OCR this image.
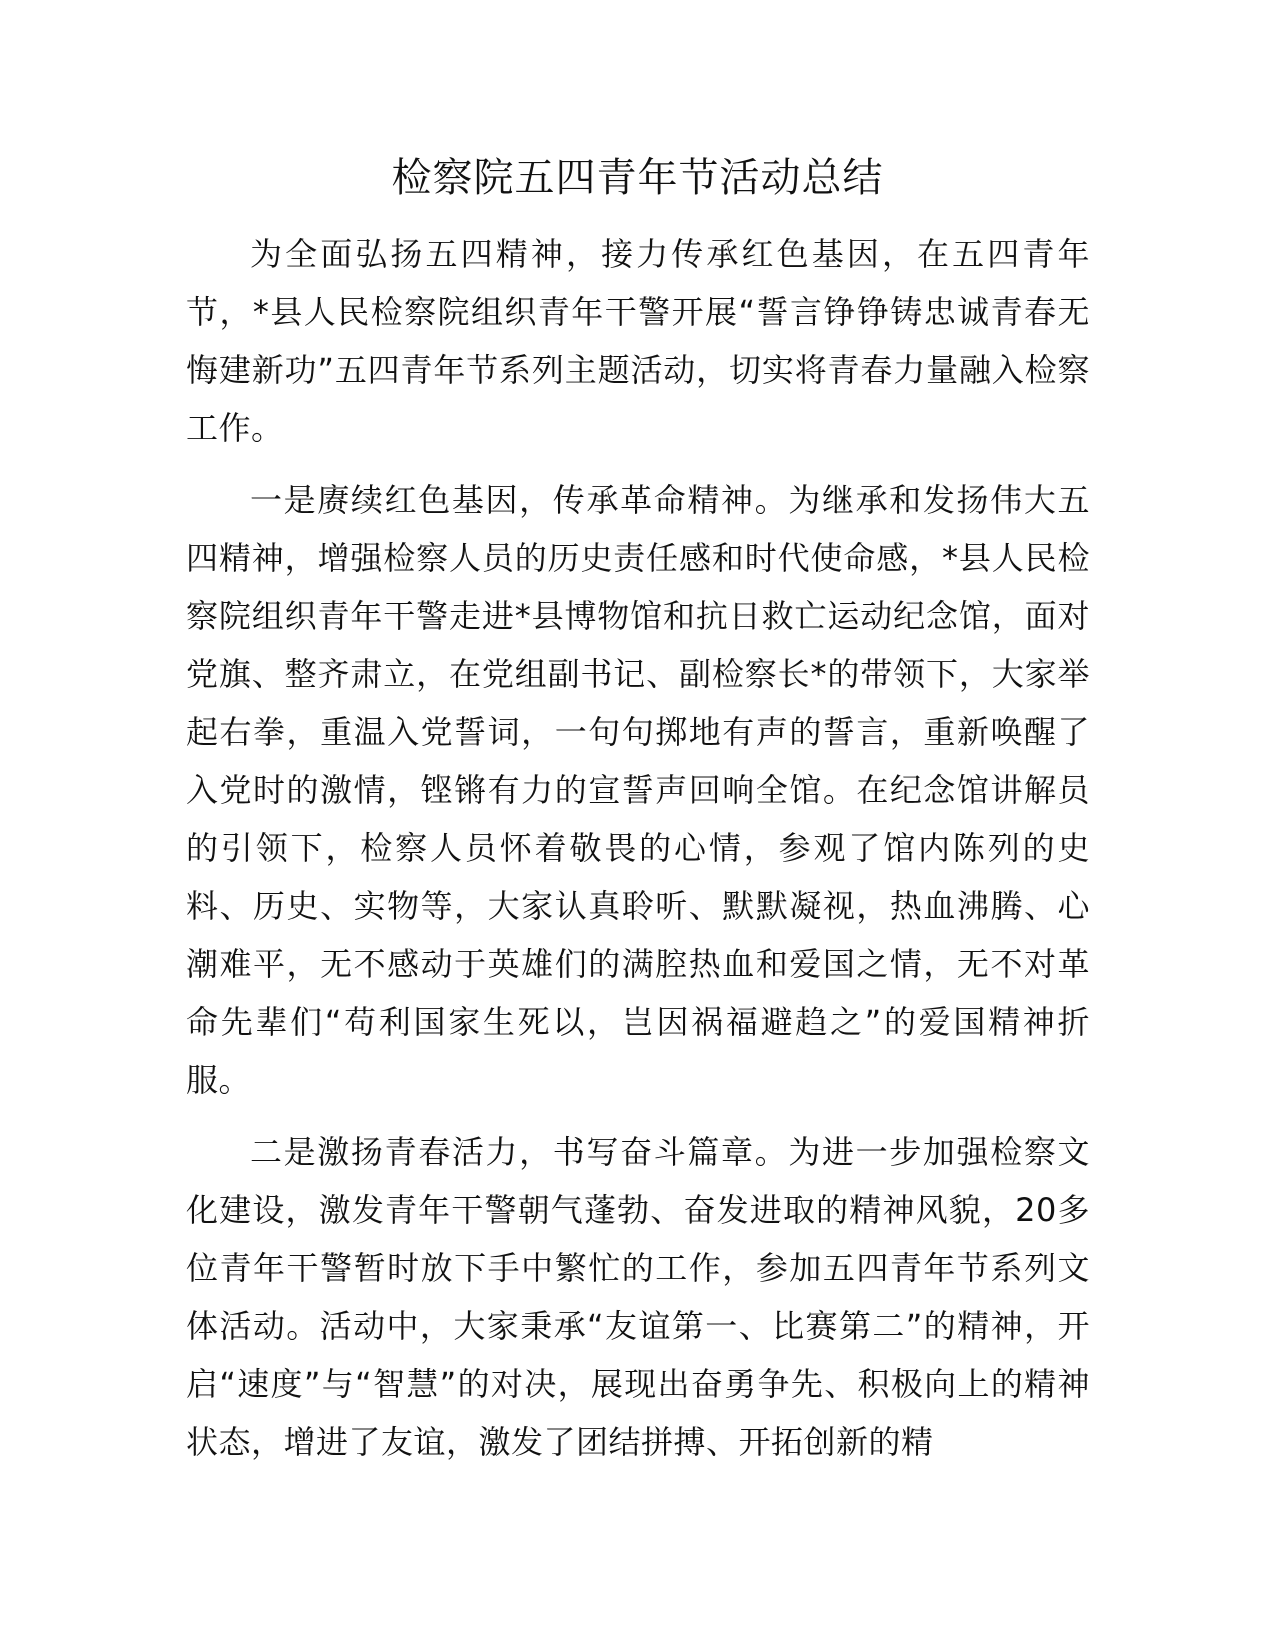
检察院五四青年节活动总结

为全面弘扬五四精神，接力传承红色基因，在五四青年节，*县人民检察院组织青年干警开展“誓言铮铮铸忠诚青春无悔建新功”五四青年节系列主题活动，切实将青春力量融入检察工作。

一是赓续红色基因，传承革命精神。为继承和发扬伟大五四精神，增强检察人员的历史责任感和时代使命感，*县人民检察院组织青年干警走进*县博物馆和抗日救亡运动纪念馆，面对党旗、整齐肃立，在党组副书记、副检察长*的带领下，大家举起右拳，重温入党誓词，一句句掷地有声的誓言，重新唤醒了入党时的激情，铿锵有力的宣誓声回响全馆。在纪念馆讲解员的引领下，检察人员怀着敬畏的心情，参观了馆内陈列的史料、历史、实物等，大家认真聆听、默默凝视，热血沸腾、心潮难平，无不感动于英雄们的满腔热血和爱国之情，无不对革命先辈们“苟利国家生死以，岂因祸福避趋之”的爱国精神折服。

二是激扬青春活力，书写奋斗篇章。为进一步加强检察文化建设，激发青年干警朝气蓬勃、奋发进取的精神风貌，20多位青年干警暂时放下手中繁忙的工作，参加五四青年节系列文体活动。活动中，大家秉承“友谊第一、比赛第二”的精神，开启“速度”与“智慧”的对决，展现出奋勇争先、积极向上的精神状态，增进了友谊，激发了团结拼搏、开拓创新的精
